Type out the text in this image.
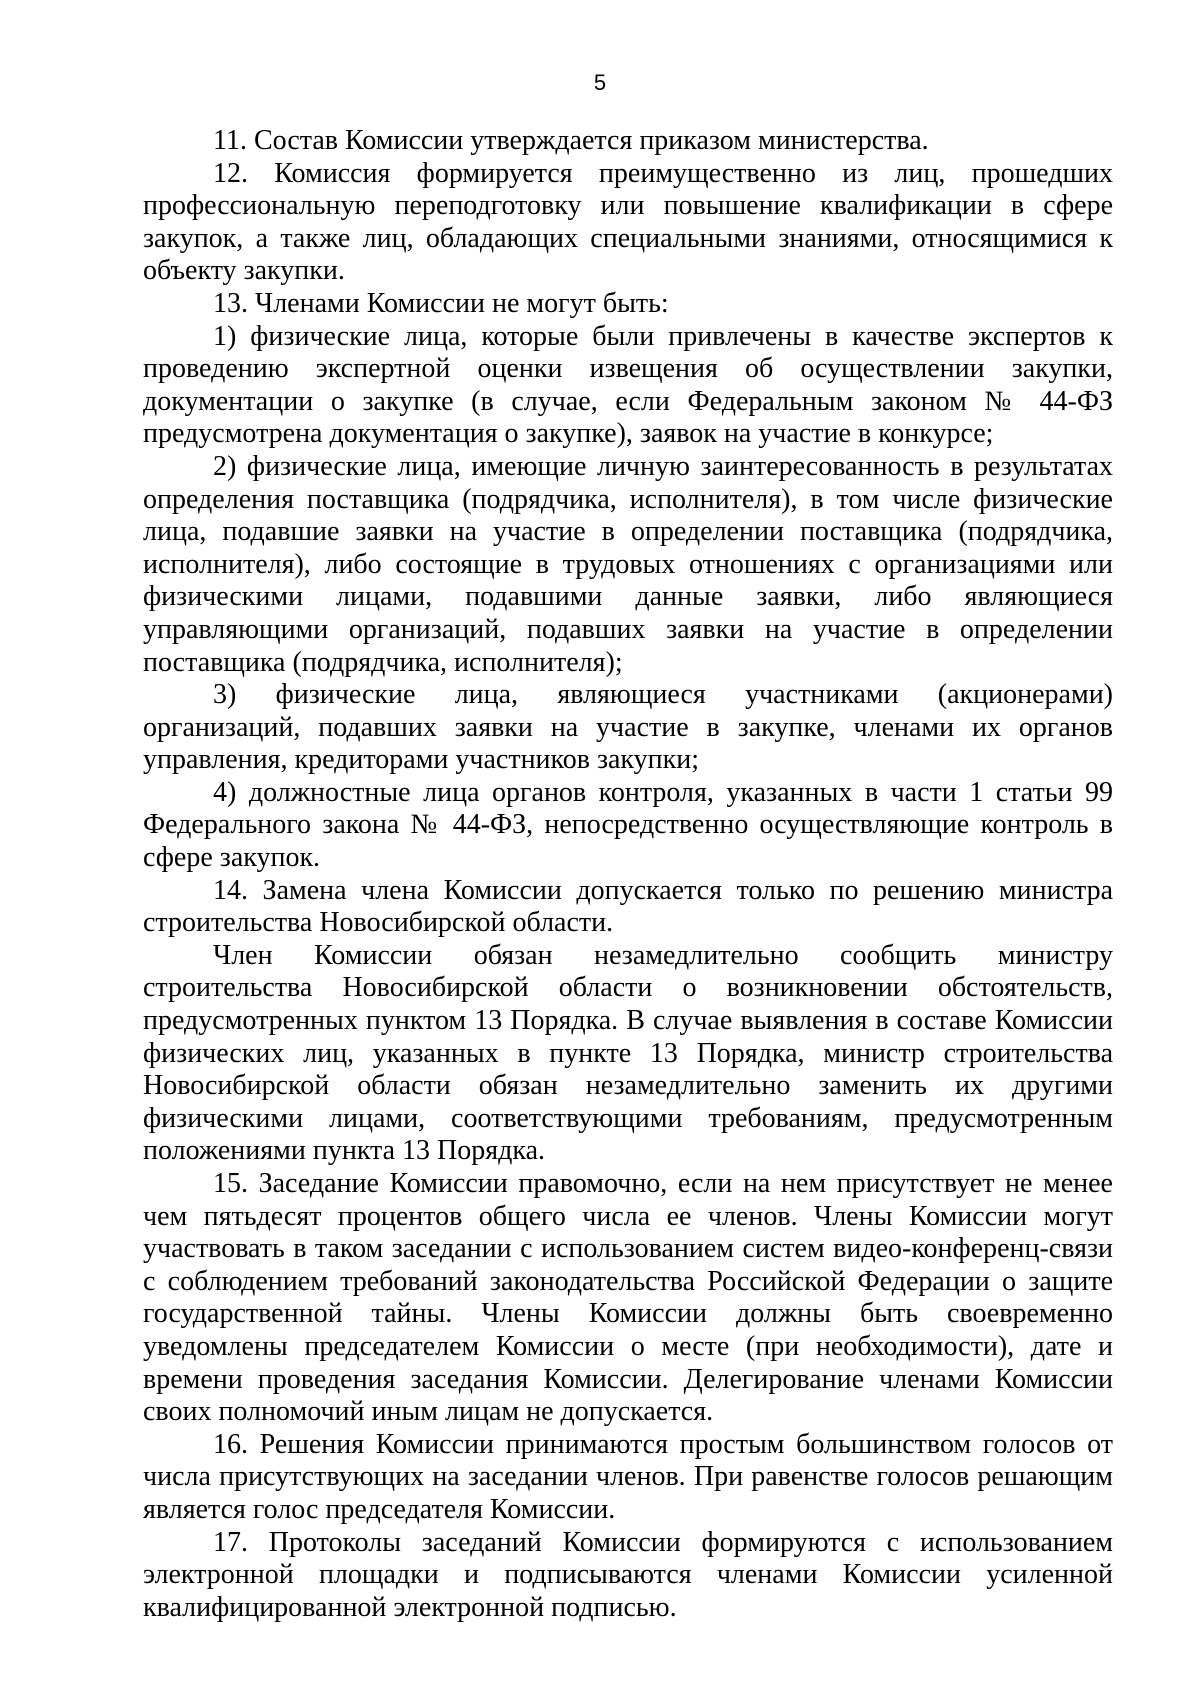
5

11. Состав Комиссии утверждается приказом министерства.

12. Комиссия формируется преимущественно из лиц, прошедших профессиональную переподготовку или повышение квалификации в сфере закупок, а также лиц, обладающих специальными знаниями, относящимися к объекту закупки.

13. Членами Комиссии не могут быть:

1) физические лица, которые были привлечены в качестве экспертов к проведению экспертной оценки извещения об осуществлении закупки, документации о закупке (в случае, если Федеральным законом № 44-ФЗ предусмотрена документация о закупке), заявок на участие в конкурсе;

2) физические лица, имеющие личную заинтересованность в результатах определения поставщика (подрядчика, исполнителя), в том числе физические лица, подавшие заявки на участие в определении поставщика (подрядчика, исполнителя), либо состоящие в трудовых отношениях с организациями или физическими лицами, подавшими данные заявки, либо являющиеся управляющими организаций, подавших заявки на участие в определении поставщика (подрядчика, исполнителя);

3) физические лица, являющиеся участниками (акционерами) организаций, подавших заявки на участие в закупке, членами их органов управления, кредиторами участников закупки;

4) должностные лица органов контроля, указанных в части 1 статьи 99 Федерального закона № 44-ФЗ, непосредственно осуществляющие контроль в сфере закупок.

14. Замена члена Комиссии допускается только по решению министра строительства Новосибирской области.

Член Комиссии обязан незамедлительно сообщить министру строительства Новосибирской области о возникновении обстоятельств, предусмотренных пунктом 13 Порядка. В случае выявления в составе Комиссии физических лиц, указанных в пункте 13 Порядка, министр строительства Новосибирской области обязан незамедлительно заменить их другими физическими лицами, соответствующими требованиям, предусмотренным положениями пункта 13 Порядка.

15. Заседание Комиссии правомочно, если на нем присутствует не менее чем пятьдесят процентов общего числа ее членов. Члены Комиссии могут участвовать в таком заседании с использованием систем видео-конференц-связи с соблюдением требований законодательства Российской Федерации о защите государственной тайны. Члены Комиссии должны быть своевременно уведомлены председателем Комиссии о месте (при необходимости), дате и времени проведения заседания Комиссии. Делегирование членами Комиссии своих полномочий иным лицам не допускается.

16. Решения Комиссии принимаются простым большинством голосов от числа присутствующих на заседании членов. При равенстве голосов решающим является голос председателя Комиссии.

17. Протоколы заседаний Комиссии формируются с использованием электронной площадки и подписываются членами Комиссии усиленной квалифицированной электронной подписью.
